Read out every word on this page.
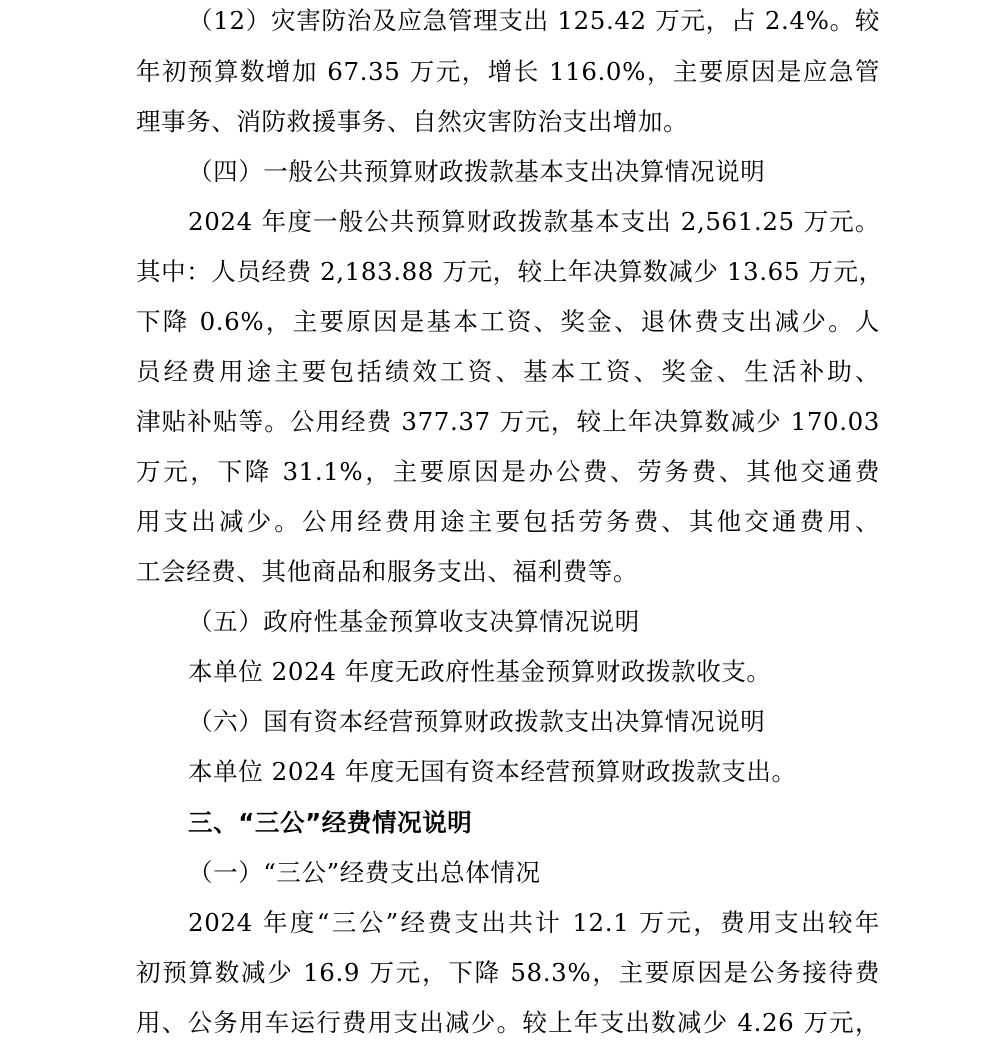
（12）灾害防治及应急管理支出 125.42 万元，占 2.4%。较
年初预算数增加 67.35 万元，增长 116.0%，主要原因是应急管
理事务、消防救援事务、自然灾害防治支出增加。
（四）一般公共预算财政拨款基本支出决算情况说明
2024 年度一般公共预算财政拨款基本支出 2,561.25 万元。
其中：人员经费 2,183.88 万元，较上年决算数减少 13.65 万元，
下降 0.6%，主要原因是基本工资、奖金、退休费支出减少。人
员经费用途主要包括绩效工资、基本工资、奖金、生活补助、
津贴补贴等。公用经费 377.37 万元，较上年决算数减少 170.03
万元，下降 31.1%，主要原因是办公费、劳务费、其他交通费
用支出减少。公用经费用途主要包括劳务费、其他交通费用、
工会经费、其他商品和服务支出、福利费等。
（五）政府性基金预算收支决算情况说明
本单位 2024 年度无政府性基金预算财政拨款收支。
（六）国有资本经营预算财政拨款支出决算情况说明
本单位 2024 年度无国有资本经营预算财政拨款支出。
三、“三公”经费情况说明
（一）“三公”经费支出总体情况
2024 年度“三公”经费支出共计 12.1 万元，费用支出较年
初预算数减少 16.9 万元，下降 58.3%，主要原因是公务接待费
用、公务用车运行费用支出减少。较上年支出数减少 4.26 万元，
